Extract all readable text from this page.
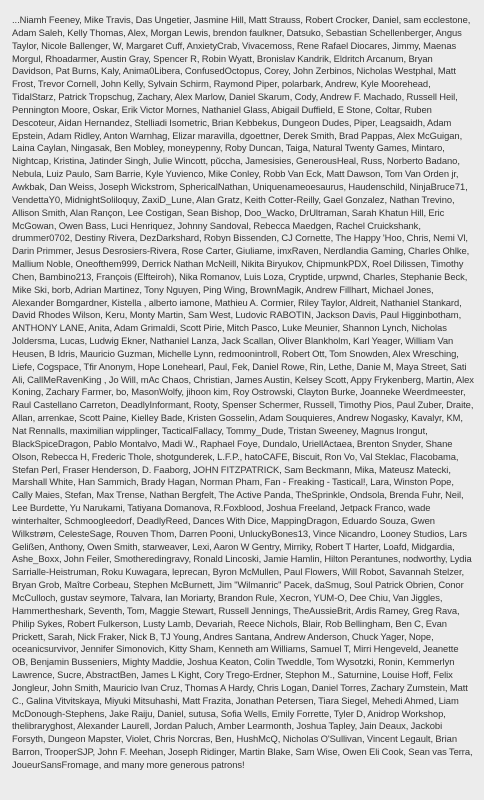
...Niamh Feeney, Mike Travis, Das Ungetier, Jasmine Hill, Matt Strauss, Robert Crocker, Daniel, sam ecclestone, Adam Saleh, Kelly Thomas, Alex, Morgan Lewis, brendon faulkner, Datsuko, Sebastian Schellenberger, Angus Taylor, Nicole Ballenger, W, Margaret Cuff, AnxietyCrab, Vivacemoss, Rene Rafael Diocares, Jimmy, Maenas Morgul, Rhoadarmer, Austin Gray, Spencer R, Robin Wyatt, Bronislav Kandrik, Eldritch Arcanum, Bryan Davidson, Pat Burns, Kaly, Anima0Libera, ConfusedOctopus, Corey, John Zerbinos, Nicholas Westphal, Matt Frost, Trevor Cornell, John Kelly, Sylvain Schirm, Raymond Piper, polarbark, Andrew, Kyle Moorehead, TidalStarz, Patrick Tropschug, Zachary, Alex Marlow, Daniel Skarum, Cody, Andrew F. Machado, Russell Heil, Pennington Moore, Oskar, Erik Victor Mornes, Nathaniel Glass, Abigail Duffield, E Stone, Coltar, Ruben Descoteur, Aidan Hernandez, Stelliadi Isometric, Brian Kebbekus, Dungeon Dudes, Piper, Leagsaidh, Adam Epstein, Adam Ridley, Anton Warnhag, Elizar maravilla, dgoettner, Derek Smith, Brad Pappas, Alex McGuigan, Laina Caylan, Ningasak, Ben Mobley, moneypenny, Roby Duncan, Taiga, Natural Twenty Games, Mintaro, Nightcap, Kristina, Jatinder Singh, Julie Wincott, pŭccha, Jamesisies, GenerousHeal, Russ, Norberto Badano, Nebula, Luiz Paulo, Sam Barrie, Kyle Yuvienco, Mike Conley, Robb Van Eck, Matt Dawson, Tom Van Orden jr, Awkbak, Dan Weiss, Joseph Wickstrom, SphericalNathan, Uniquenameoesaurus, Haudenschild, NinjaBruce71, VendettaY0, MidnightSoliloquy, ZaxiD_Lune, Alan Gratz, Keith Cotter-Reilly, Gael Gonzalez, Nathan Trevino, Allison Smith, Alan Rançon, Lee Costigan, Sean Bishop, Doo_Wacko, DrUltraman, Sarah Khatun Hill, Eric McGowan, Owen Bass, Luci Henriquez, Johnny Sandoval, Rebecca Maedgen, Rachel Cruickshank, drummer0702, Destiny Rivera, DezDarkshard, Robyn Bissenden, CJ Cornette, The Happy 'Hoo, Chris, Nemi Vl, Darin Primmer, Jesus Desrosiers-Rivera, Rose Carter, Giuliame, imxRaven, Nerdlandia Gaming, Charles Ohlke, Mallium Noble, Oneofthem999, Derrick Nathan McNeill, Nikita Biryukov, ChipmunkPDX, Roel Dilissen, Timothy Chen, Bambino213, François (Elfteiroh), Nika Romanov, Luis Loza, Cryptide, urpwnd, Charles, Stephanie Beck, Mike Ski, borb, Adrian Martinez, Tony Nguyen, Ping Wing, BrownMagik, Andrew Fillhart, Michael Jones, Alexander Bomgardner, Kistella , alberto iamone, Mathieu A. Cormier, Riley Taylor, Aldreit, Nathaniel Stankard, David Rhodes Wilson, Keru, Monty Martin, Sam West, Ludovic RABOTIN, Jackson Davis, Paul Higginbotham, ANTHONY LANE, Anita, Adam Grimaldi, Scott Pirie, Mitch Pasco, Luke Meunier, Shannon Lynch, Nicholas Joldersma, Lucas, Ludwig Ekner, Nathaniel Lanza, Jack Scallan, Oliver Blankholm, Karl Yeager, William Van Heusen, B Idris, Mauricio Guzman, Michelle Lynn, redmoonintroll, Robert Ott, Tom Snowden, Alex Wresching, Liefe, Cogspace, Tfir Anonym, Hope Lonehearl, Paul, Fek, Daniel Rowe, Rin, Lethe, Danie M, Maya Street, Sati Ali, CallMeRavenKing , Jo Will, mAc Chaos, Christian, James Austin, Kelsey Scott, Appy Frykenberg, Martin, Alex Koning, Zachary Farmer, bo, MasonWolfy, jihoon kim, Roy Ostrowski, Clayton Burke, Joanneke Weerdmeester, Raul Castellano Carreton, DeadlyInformant, Rooty, Spenser Schermer, Russell, Timothy Pios, Paul Zuber, Draite, Allan, arrenkae, Scott Paine, Kielley Bade, Kristen Gosselin, Adam Souquieres, Andrew Nogasky, Kavalyr, KM, Nat Rennalls, maximilian wipplinger, TacticalFallacy, Tommy_Dude, Tristan Sweeney, Magnus Irongut, BlackSpiceDragon, Pablo Montalvo, Madi W., Raphael Foye, Dundalo, UriellActaea, Brenton Snyder, Shane Olson, Rebecca H, Frederic Thole, shotgunderek, L.F.P., hatoCAFE, Biscuit, Ron Vo, Val Steklac, Flacobama, Stefan Perl, Fraser Henderson, D. Faaborg, JOHN FITZPATRICK, Sam Beckmann, Mika, Mateusz Matecki, Marshall White, Han Sammich, Brady Hagan, Norman Pham, Fan - Freaking - Tastical!, Lara, Winston Pope, Cally Maies, Stefan, Max Trense, Nathan Bergfelt, The Active Panda, TheSprinkle, Ondsola, Brenda Fuhr, Neil, Lee Burdette, Yu Narukami, Tatiyana Domanova, R.Foxblood, Joshua Freeland, Jetpack Franco, wade winterhalter, Schmoogleedorf, DeadlyReed, Dances With Dice, MappingDragon, Eduardo Souza, Gwen Wilkstrøm, CelesteSage, Rouven Thom, Darren Pooni, UnluckyBones13, Vince Nicandro, Looney Studios, Lars Gelißen, Anthony, Owen Smith, starweaver, Lexi, Aaron W Gentry, Mirriky, Robert T Harter, Loafd, Midgardia, Ashe_Boxx, John Feiler, Smotheredingravy, Ronald Lincoski, Jamie Hamlin, Hilton Perantunes, nodworthy, Lydia Sarrialle-Heistruman, Roku Kuwagara, leprecan, Byron McMullen, Paul Flowers, Will Robot, Savannah Stelzer, Bryan Grob, Maître Corbeau, Stephen McBurnett, Jim "Wilmanric" Pacek, daSmug, Soul Patrick Obrien, Conor McCulloch, gustav seymore, Talvara, Ian Moriarty, Brandon Rule, Xecron, YUM-O, Dee Chiu, Van Jiggles, Hammertheshark, Seventh, Tom, Maggie Stewart, Russell Jennings, TheAussieBrit, Ardis Ramey, Greg Rava, Philip Sykes, Robert Fulkerson, Lusty Lamb, Devariah, Reece Nichols, Blair, Rob Bellingham, Ben C, Evan Prickett, Sarah, Nick Fraker, Nick B, TJ Young, Andres Santana, Andrew Anderson, Chuck Yager, Nope, oceanicsurvivor, Jennifer Simonovich, Kitty Sham, Kenneth am Williams, Samuel T, Mirri Hengeveld, Jeanette OB, Benjamin Busseniers, Mighty Maddie, Joshua Keaton, Colin Tweddle, Tom Wysotzki, Ronin, Kemmerlyn Lawrence, Sucre, AbstractBen, James L Kight, Cory Trego-Erdner, Stephon M., Saturnine, Louise Hoff, Felix Jongleur, John Smith, Mauricio Ivan Cruz, Thomas A Hardy, Chris Logan, Daniel Torres, Zachary Zumstein, Matt C., Galina Vitvitskaya, Miyuki Mitsuhashi, Matt Frazita, Jonathan Petersen, Tiara Siegel, Mehedi Ahmed, Liam McDonough-Stephens, Jake Raiju, Daniel, sutusa, Sofia Wells, Emily Forrette, Tyler D, Anidrop Workshop, thelibraryghost, Alexander Laurell, Jordan Paluch, Amber Learmonth, Joshua Tapley, Jain Deaux, Jackobi Forsyth, Dungeon Mapster, Violet, Chris Norcras, Ben, HushMcQ, Nicholas O'Sullivan, Vincent Legault, Brian Barron, TrooperSJP, John F. Meehan, Joseph Ridinger, Martin Blake, Sam Wise, Owen Eli Cook, Sean vas Terra, JoueurSansFromage, and many more generous patrons!
